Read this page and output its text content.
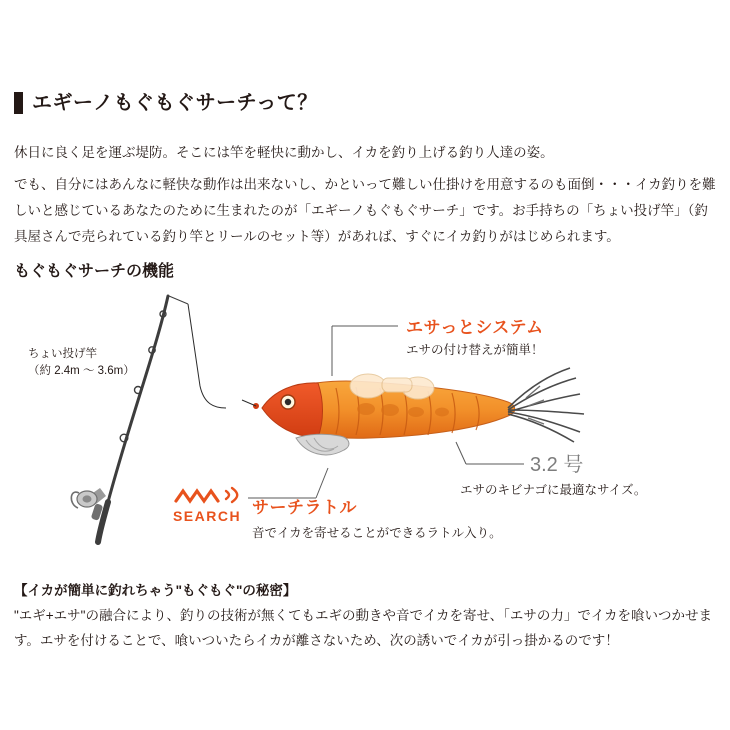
エギーノもぐもぐサーチって？

休日に良く足を運ぶ堤防。そこには竿を軽快に動かし、イカを釣り上げる釣り人達の姿。

でも、自分にはあんなに軽快な動作は出来ないし、かといって難しい仕掛けを用意するのも面倒・・・イカ釣りを難しいと感じているあなたのために生まれたのが「エギーノもぐもぐサーチ」です。お手持ちの「ちょい投げ竿」（釣具屋さんで売られている釣り竿とリールのセット等）があれば、すぐにイカ釣りがはじめられます。

もぐもぐサーチの機能
ちょい投げ竿
（約 2.4m 〜 3.6m）
エサっとシステム
エサの付け替えが簡単！
3.2 号
エサのキビナゴに最適なサイズ。
SEARCH サーチラトル
音でイカを寄せることができるラトル入り。
【イカが簡単に釣れちゃう"もぐもぐ"の秘密】

"エギ+エサ"の融合により、釣りの技術が無くてもエギの動きや音でイカを寄せ、「エサの力」でイカを喰いつかせます。エサを付けることで、喰いついたらイカが離さないため、次の誘いでイカが引っ掛かるのです！
